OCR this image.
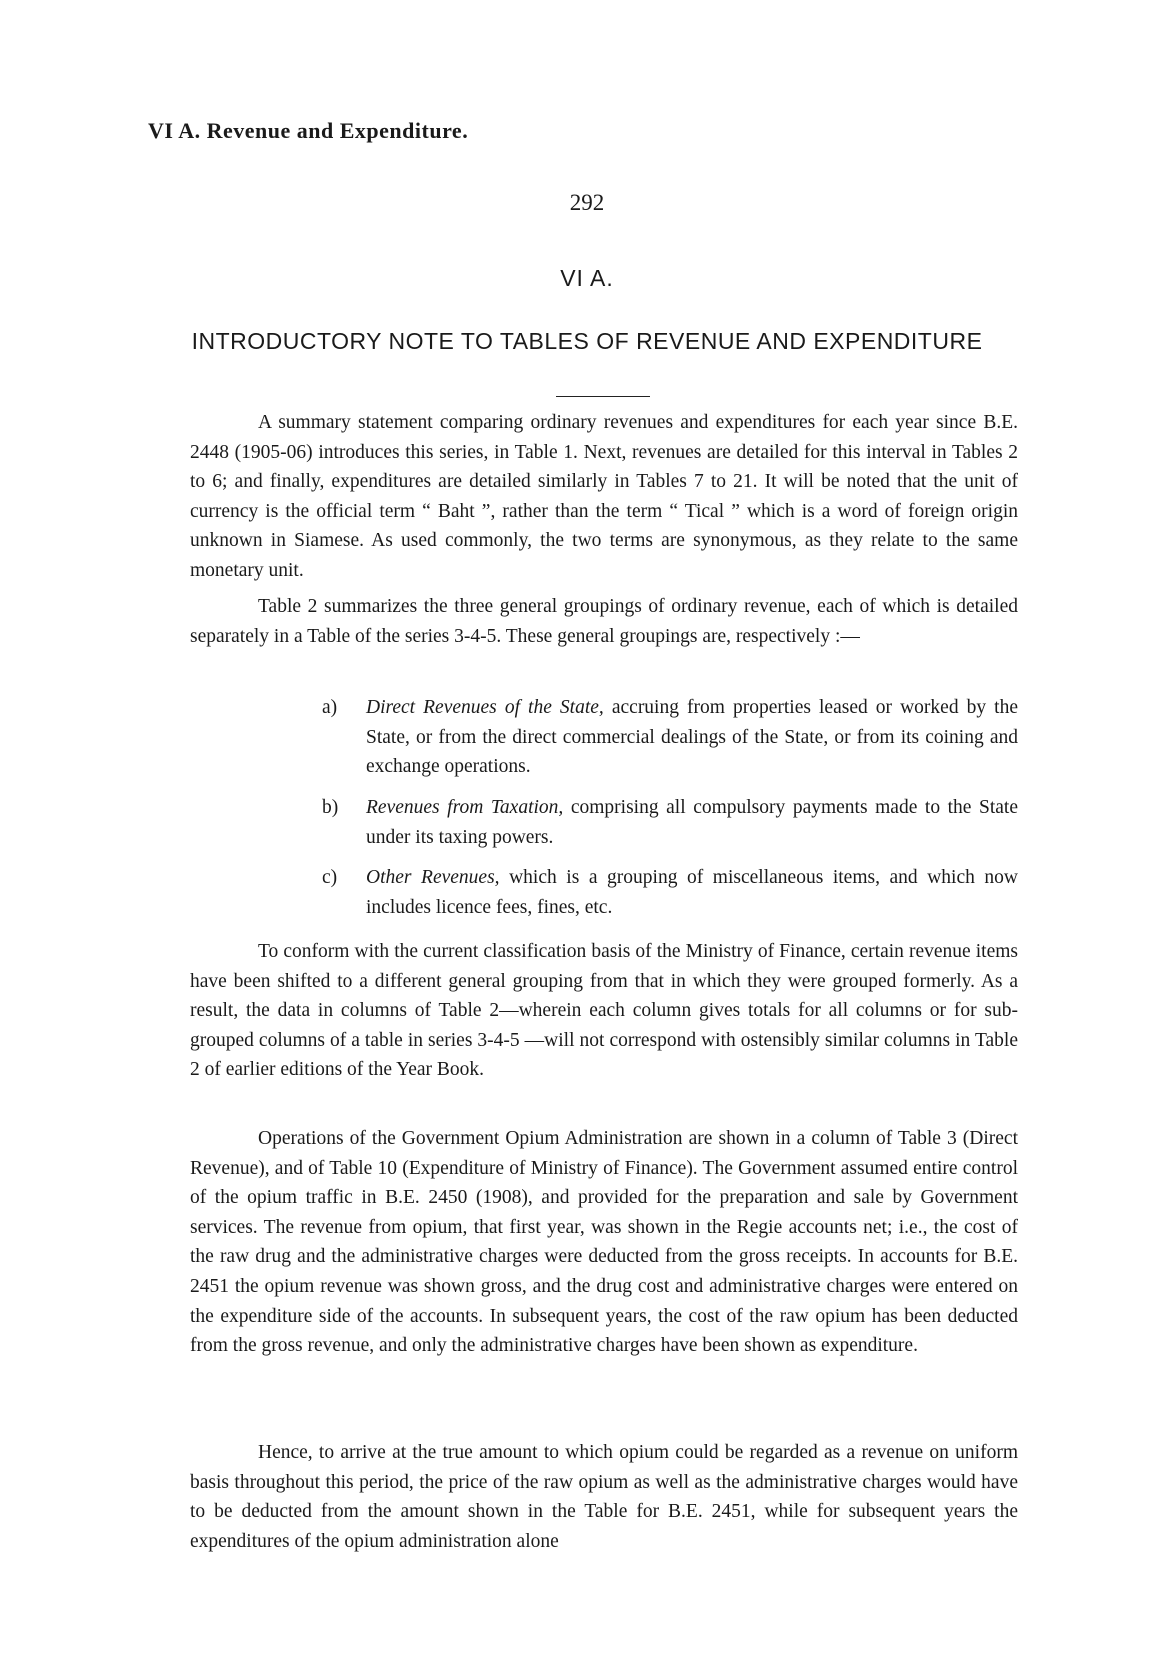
VI A. Revenue and Expenditure.
292
VI A.
INTRODUCTORY NOTE TO TABLES OF REVENUE AND EXPENDITURE

A summary statement comparing ordinary revenues and expenditures for each year since B.E. 2448 (1905-06) introduces this series, in Table 1. Next, revenues are detailed for this interval in Tables 2 to 6; and finally, expenditures are detailed similarly in Tables 7 to 21. It will be noted that the unit of currency is the official term “ Baht ”, rather than the term “ Tical ” which is a word of foreign origin unknown in Siamese. As used commonly, the two terms are synonymous, as they relate to the same monetary unit.

Table 2 summarizes the three general groupings of ordinary revenue, each of which is detailed separately in a Table of the series 3-4-5. These general groupings are, respectively :—

a) Direct Revenues of the State, accruing from properties leased or worked by the State, or from the direct commercial dealings of the State, or from its coining and exchange operations.
b) Revenues from Taxation, comprising all compulsory payments made to the State under its taxing powers.
c) Other Revenues, which is a grouping of miscellaneous items, and which now includes licence fees, fines, etc.

To conform with the current classification basis of the Ministry of Finance, certain revenue items have been shifted to a different general grouping from that in which they were grouped formerly. As a result, the data in columns of Table 2—wherein each column gives totals for all columns or for sub-grouped columns of a table in series 3-4-5 —will not correspond with ostensibly similar columns in Table 2 of earlier editions of the Year Book.

Operations of the Government Opium Administration are shown in a column of Table 3 (Direct Revenue), and of Table 10 (Expenditure of Ministry of Finance). The Government assumed entire control of the opium traffic in B.E. 2450 (1908), and provided for the preparation and sale by Government services. The revenue from opium, that first year, was shown in the Regie accounts net; i.e., the cost of the raw drug and the administrative charges were deducted from the gross receipts. In accounts for B.E. 2451 the opium revenue was shown gross, and the drug cost and administrative charges were entered on the expenditure side of the accounts. In subsequent years, the cost of the raw opium has been deducted from the gross revenue, and only the administrative charges have been shown as expenditure.

Hence, to arrive at the true amount to which opium could be regarded as a revenue on uniform basis throughout this period, the price of the raw opium as well as the administrative charges would have to be deducted from the amount shown in the Table for B.E. 2451, while for subsequent years the expenditures of the opium administration alone
